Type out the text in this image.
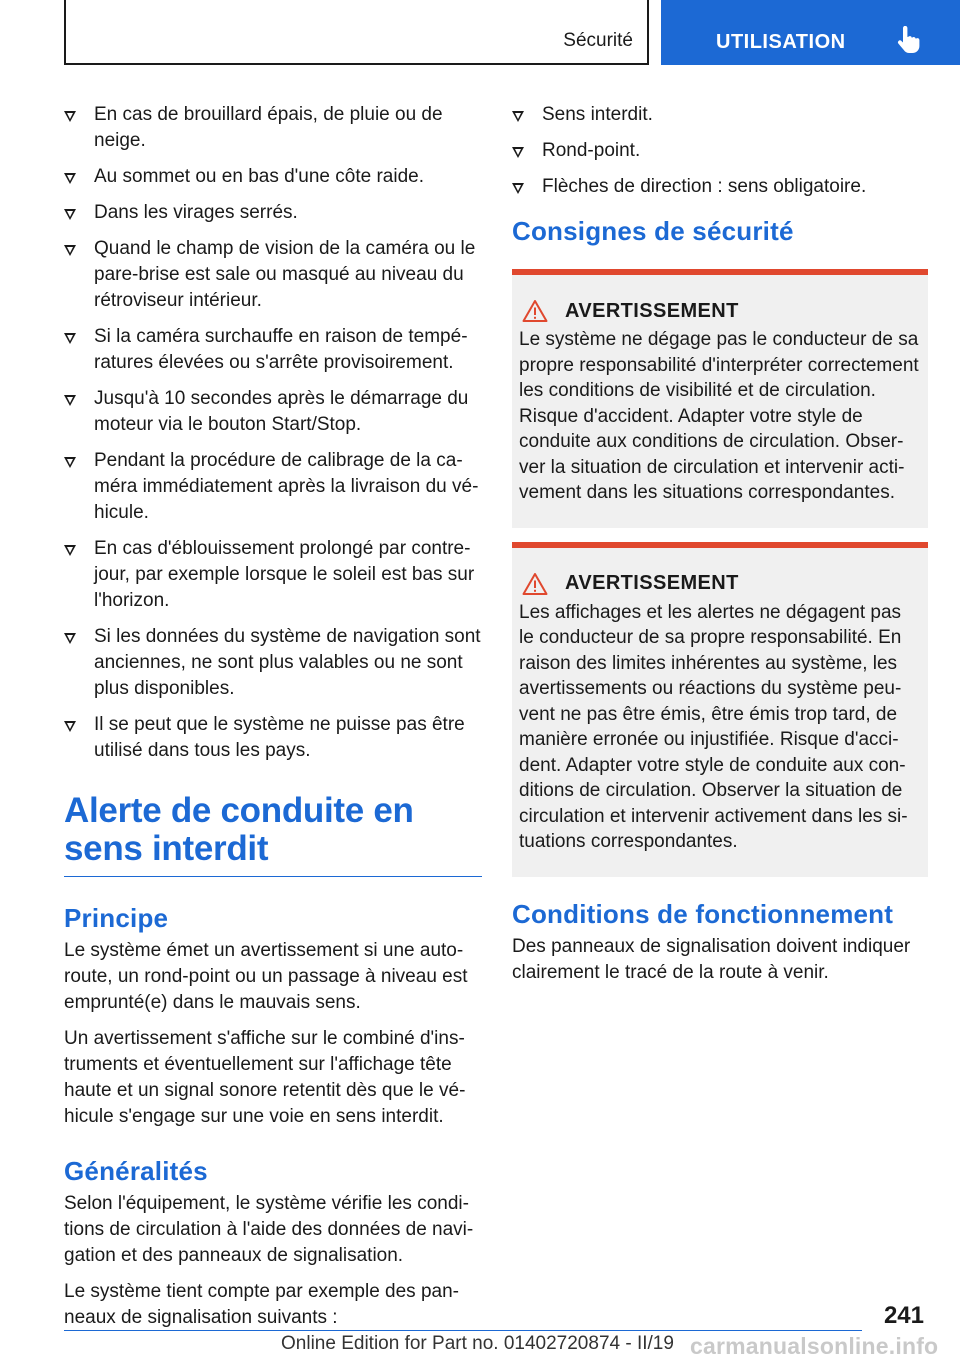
Sécurité	UTILISATION
En cas de brouillard épais, de pluie ou de neige.
Au sommet ou en bas d'une côte raide.
Dans les virages serrés.
Quand le champ de vision de la caméra ou le pare-brise est sale ou masqué au niveau du rétroviseur intérieur.
Si la caméra surchauffe en raison de températures élevées ou s'arrête provisoirement.
Jusqu'à 10 secondes après le démarrage du moteur via le bouton Start/Stop.
Pendant la procédure de calibrage de la caméra immédiatement après la livraison du véhicule.
En cas d'éblouissement prolongé par contre-jour, par exemple lorsque le soleil est bas sur l'horizon.
Si les données du système de navigation sont anciennes, ne sont plus valables ou ne sont plus disponibles.
Il se peut que le système ne puisse pas être utilisé dans tous les pays.
Alerte de conduite en sens interdit
Principe

Le système émet un avertissement si une autoroute, un rond-point ou un passage à niveau est emprunté(e) dans le mauvais sens.

Un avertissement s'affiche sur le combiné d'instruments et éventuellement sur l'affichage tête haute et un signal sonore retentit dès que le véhicule s'engage sur une voie en sens interdit.

Généralités

Selon l'équipement, le système vérifie les conditions de circulation à l'aide des données de navigation et des panneaux de signalisation.

Le système tient compte par exemple des panneaux de signalisation suivants :

Sens interdit.
Rond-point.
Flèches de direction : sens obligatoire.
Consignes de sécurité
AVERTISSEMENT

Le système ne dégage pas le conducteur de sa propre responsabilité d'interpréter correctement les conditions de visibilité et de circulation. Risque d'accident. Adapter votre style de conduite aux conditions de circulation. Observer la situation de circulation et intervenir activement dans les situations correspondantes.

AVERTISSEMENT

Les affichages et les alertes ne dégagent pas le conducteur de sa propre responsabilité. En raison des limites inhérentes au système, les avertissements ou réactions du système peuvent ne pas être émis, être émis trop tard, de manière erronée ou injustifiée. Risque d'accident. Adapter votre style de conduite aux conditions de circulation. Observer la situation de circulation et intervenir activement dans les situations correspondantes.

Conditions de fonctionnement

Des panneaux de signalisation doivent indiquer clairement le tracé de la route à venir.

241
Online Edition for Part no. 01402720874 - II/19 carmanualsonline.info
